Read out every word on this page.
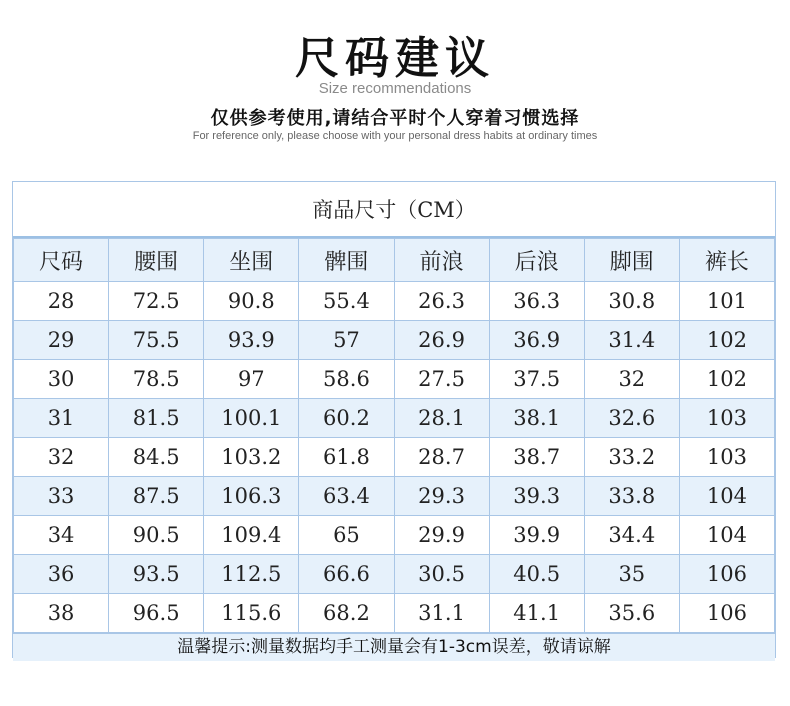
尺码建议
Size recommendations
仅供参考使用,请结合平时个人穿着习惯选择
For reference only, please choose with your personal dress habits at ordinary times
商品尺寸（CM）
尺码	腰围	坐围	髀围	前浪	后浪	脚围	裤长
28	72.5	90.8	55.4	26.3	36.3	30.8	101
29	75.5	93.9	57	26.9	36.9	31.4	102
30	78.5	97	58.6	27.5	37.5	32	102
31	81.5	100.1	60.2	28.1	38.1	32.6	103
32	84.5	103.2	61.8	28.7	38.7	33.2	103
33	87.5	106.3	63.4	29.3	39.3	33.8	104
34	90.5	109.4	65	29.9	39.9	34.4	104
36	93.5	112.5	66.6	30.5	40.5	35	106
38	96.5	115.6	68.2	31.1	41.1	35.6	106
温馨提示:测量数据均手工测量会有1-3cm误差，敬请谅解
